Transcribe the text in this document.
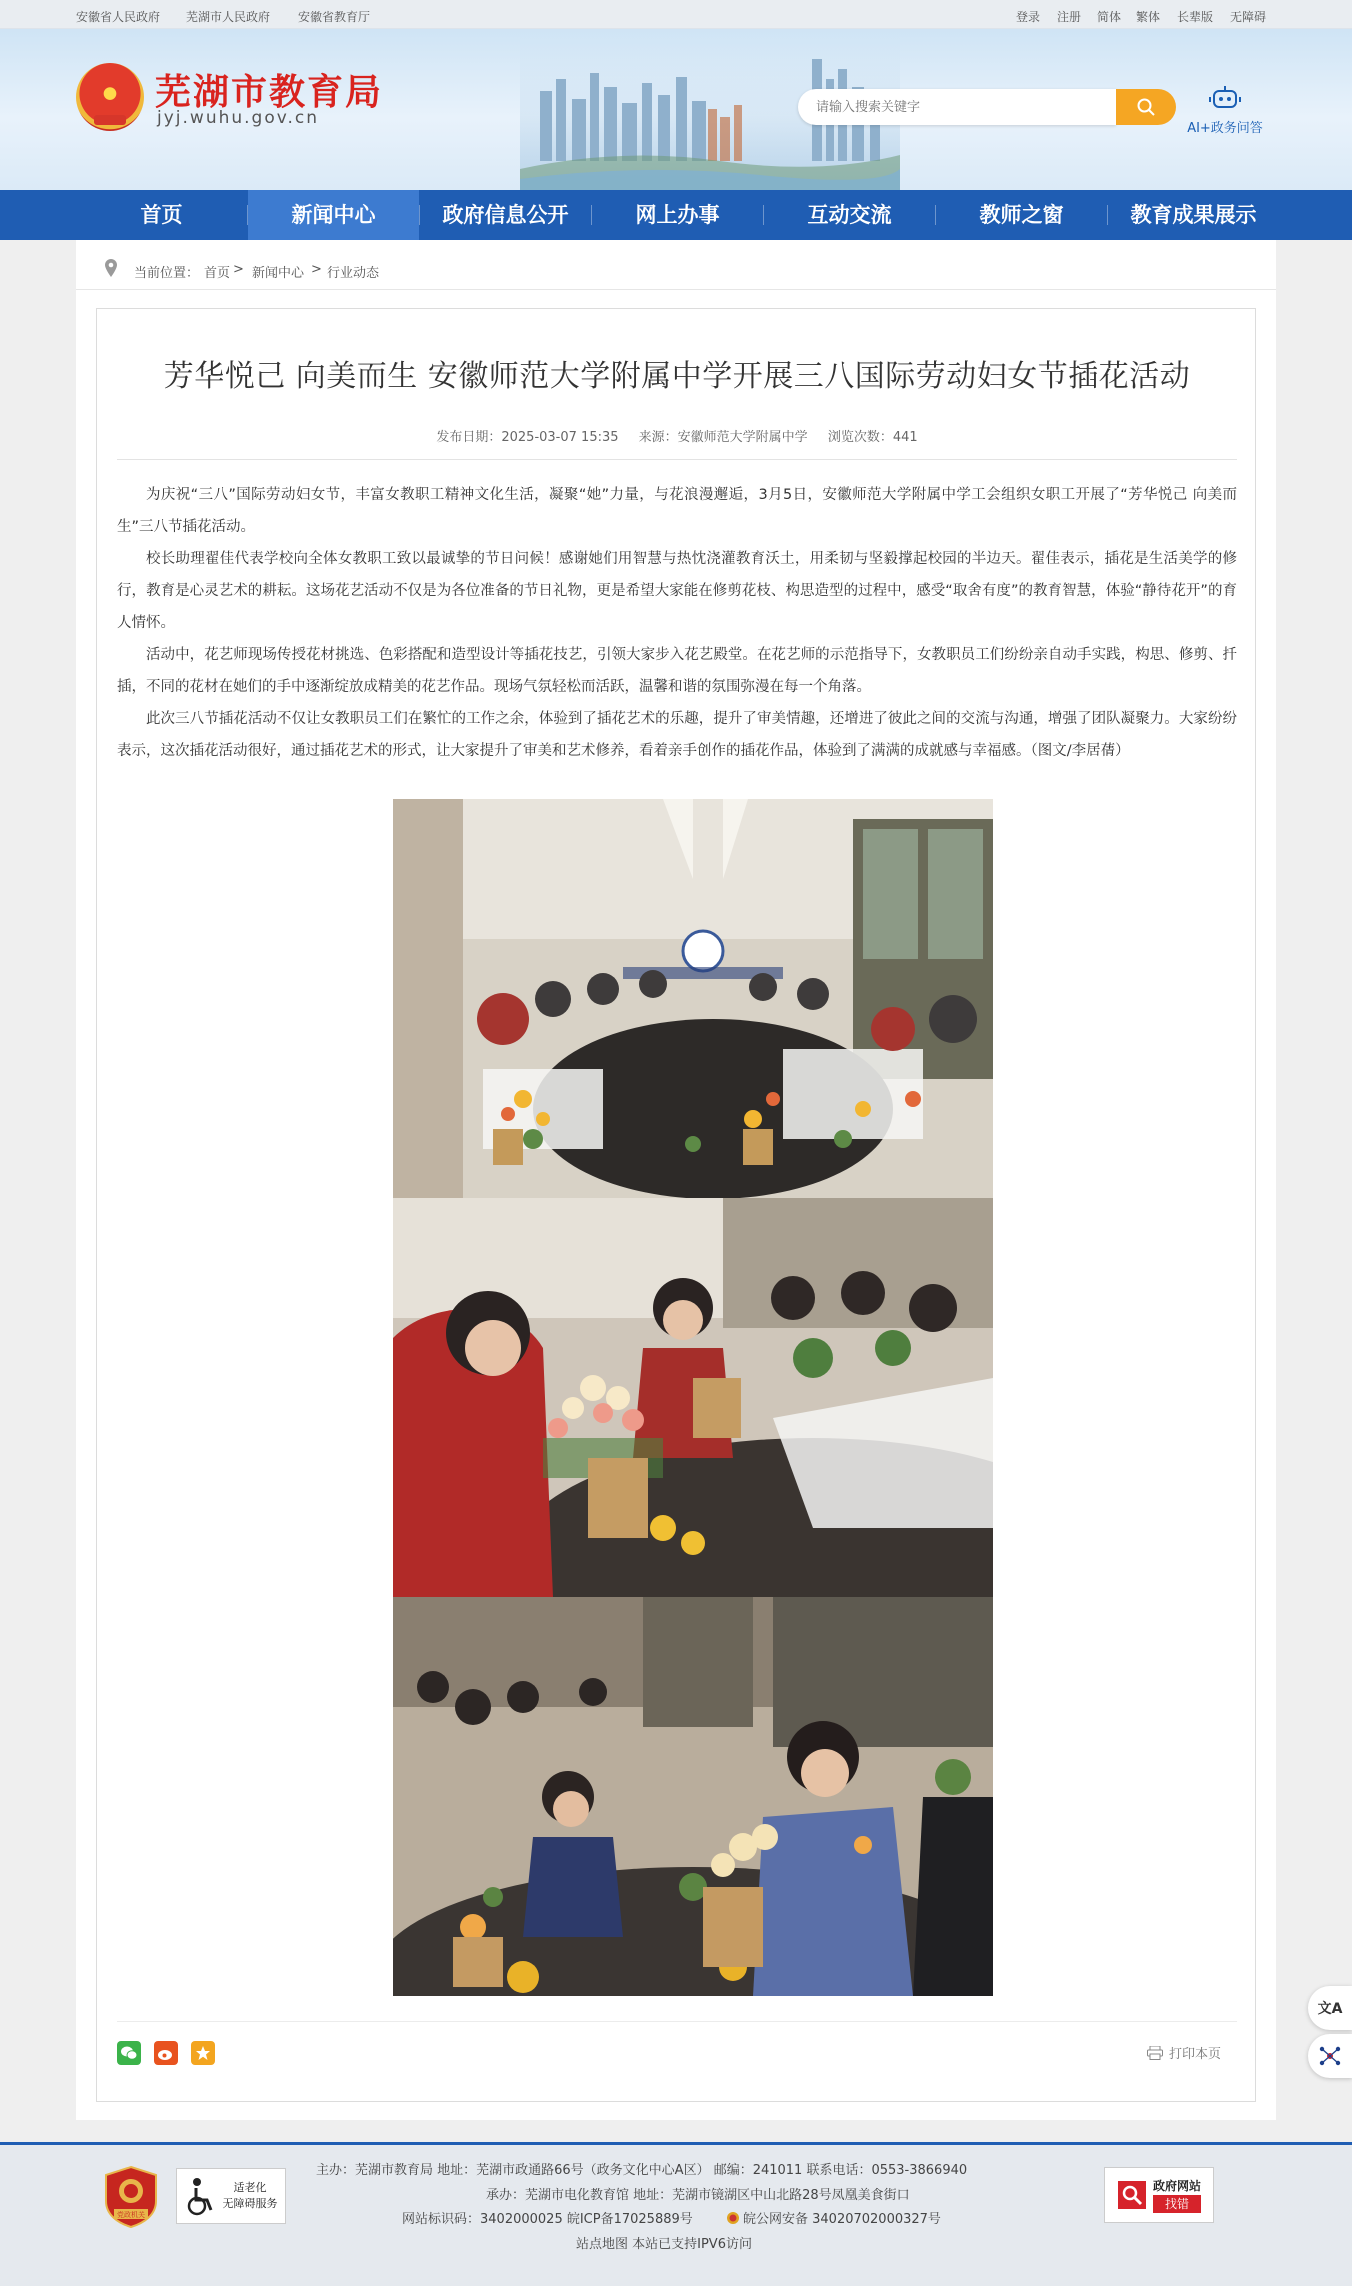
安徽省人民政府 芜湖市人民政府 安徽省教育厅	登录 注册 简体 繁体 长辈版 无障碍
芜湖市教育局
jyj.wuhu.gov.cn
请输入搜索关键字
AI+政务问答
首页	新闻中心	政府信息公开	网上办事	互动交流	教师之窗	教育成果展示
当前位置： 首页 > 新闻中心 > 行业动态
芳华悦己 向美而生 安徽师范大学附属中学开展三八国际劳动妇女节插花活动
发布日期：2025-03-07 15:35 来源：安徽师范大学附属中学 浏览次数：441

为庆祝“三八”国际劳动妇女节，丰富女教职工精神文化生活，凝聚“她”力量，与花浪漫邂逅，3月5日，安徽师范大学附属中学工会组织女职工开展了“芳华悦己 向美而生”三八节插花活动。

校长助理翟佳代表学校向全体女教职工致以最诚挚的节日问候！感谢她们用智慧与热忱浇灌教育沃土，用柔韧与坚毅撑起校园的半边天。翟佳表示，插花是生活美学的修行，教育是心灵艺术的耕耘。这场花艺活动不仅是为各位准备的节日礼物，更是希望大家能在修剪花枝、构思造型的过程中，感受“取舍有度”的教育智慧，体验“静待花开”的育人情怀。

活动中，花艺师现场传授花材挑选、色彩搭配和造型设计等插花技艺，引领大家步入花艺殿堂。在花艺师的示范指导下，女教职员工们纷纷亲自动手实践，构思、修剪、扦插，不同的花材在她们的手中逐渐绽放成精美的花艺作品。现场气氛轻松而活跃，温馨和谐的氛围弥漫在每一个角落。

此次三八节插花活动不仅让女教职员工们在繁忙的工作之余，体验到了插花艺术的乐趣，提升了审美情趣，还增进了彼此之间的交流与沟通，增强了团队凝聚力。大家纷纷表示，这次插花活动很好，通过插花艺术的形式，让大家提升了审美和艺术修养，看着亲手创作的插花作品，体验到了满满的成就感与幸福感。（图文/李居蒨）

打印本页
文A
党政机关
适老化
无障碍服务
主办：芜湖市教育局 地址：芜湖市政通路66号（政务文化中心A区） 邮编：241011 联系电话：0553-3866940
承办：芜湖市电化教育馆 地址：芜湖市镜湖区中山北路28号凤凰美食街口
网站标识码：3402000025 皖ICP备17025889号	皖公网安备 34020702000327号
站点地图 本站已支持IPV6访问
政府网站
找错
